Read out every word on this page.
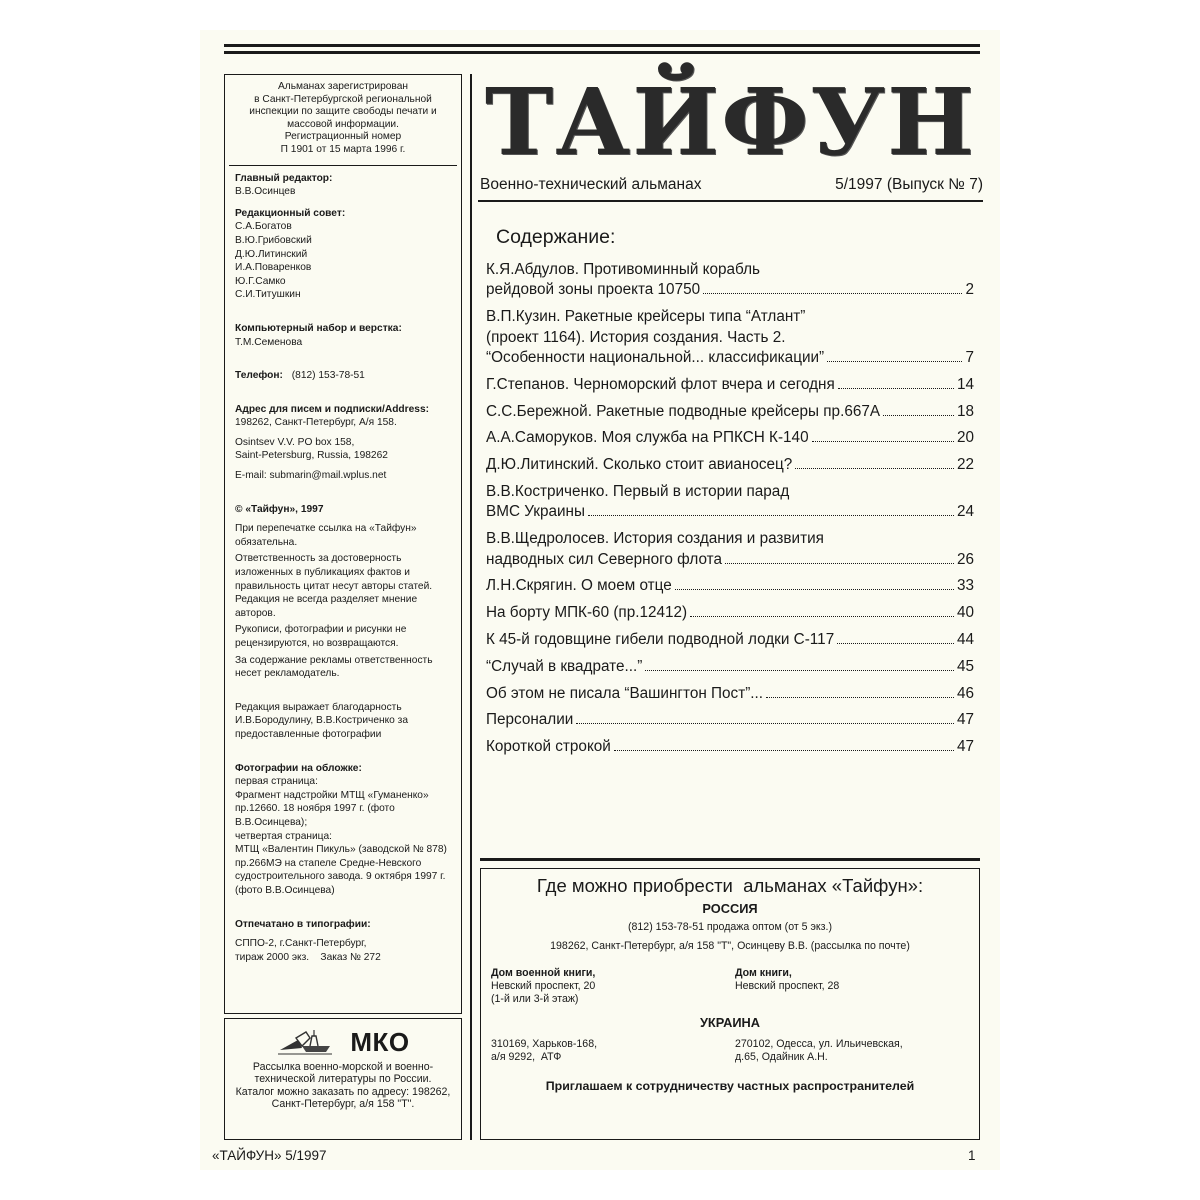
Альманах зарегистрирован
в Санкт-Петербургской региональной
инспекции по защите свободы печати и
массовой информации.
Регистрационный номер
П 1901 от 15 марта 1996 г.
Главный редактор:
В.В.Осинцев
Редакционный совет:
С.А.Богатов
В.Ю.Грибовский
Д.Ю.Литинский
И.А.Поваренков
Ю.Г.Самко
С.И.Титушкин
Компьютерный набор и верстка:
Т.М.Семенова
Телефон: (812) 153-78-51
Адрес для писем и подписки/Address:
198262, Санкт-Петербург, А/я 158.
Osintsev V.V. PO box 158,
Saint-Petersburg, Russia, 198262
E-mail: submarin@mail.wplus.net
© «Тайфун», 1997

При перепечатке ссылка на «Тайфун» обязательна.

Ответственность за достоверность изложенных в публикациях фактов и правильность цитат несут авторы статей. Редакция не всегда разделяет мнение авторов.

Рукописи, фотографии и рисунки не рецензируются, но возвращаются.

За содержание рекламы ответственность несет рекламодатель.

Редакция выражает благодарность И.В.Бородулину, В.В.Костриченко за предоставленные фотографии
Фотографии на обложке:
первая страница:
Фрагмент надстройки МТЩ «Гуманенко» пр.12660. 18 ноября 1997 г. (фото В.В.Осинцева);
четвертая страница:
МТЩ «Валентин Пикуль» (заводской № 878) пр.266МЭ на стапеле Средне-Невского судостроительного завода. 9 октября 1997 г. (фото В.В.Осинцева)
Отпечатано в типографии:
СППО-2, г.Санкт-Петербург,
тираж 2000 экз.    Заказ № 272
МКО
Рассылка военно-морской и военно-технической литературы по России. Каталог можно заказать по адресу: 198262, Санкт-Петербург, а/я 158 "Т".
ТАЙФУН
Военно-технический альманах	5/1997 (Выпуск № 7)
Содержание:
К.Я.Абдулов. Противоминный корабль
рейдовой зоны проекта 10750	2
В.П.Кузин. Ракетные крейсеры типа “Атлант”
(проект 1164). История создания. Часть 2.
“Особенности национальной... классификации”	7
Г.Степанов. Черноморский флот вчера и сегодня	14
С.С.Бережной. Ракетные подводные крейсеры пр.667А	18
А.А.Саморуков. Моя служба на РПКСН К-140	20
Д.Ю.Литинский. Сколько стоит авианосец?	22
В.В.Костриченко. Первый в истории парад
ВМС Украины	24
В.В.Щедролосев. История создания и развития
надводных сил Северного флота	26
Л.Н.Скрягин. О моем отце	33
На борту МПК-60 (пр.12412)	40
К 45-й годовщине гибели подводной лодки С-117	44
“Случай в квадрате...”	45
Об этом не писала “Вашингтон Пост”...	46
Персоналии	47
Короткой строкой	47
Где можно приобрести  альманах «Тайфун»:
РОССИЯ
(812) 153-78-51 продажа оптом (от 5 экз.)
198262, Санкт-Петербург, а/я 158 "Т", Осинцеву В.В. (рассылка по почте)
Дом военной книги,
Невский проспект, 20
(1-й или 3-й этаж)
Дом книги,
Невский проспект, 28
УКРАИНА
310169, Харьков-168,
а/я 9292,  АТФ
270102, Одесса, ул. Ильичевская,
д.65, Одайник А.Н.
Приглашаем к сотрудничеству частных распространителей
«ТАЙФУН» 5/1997	1
